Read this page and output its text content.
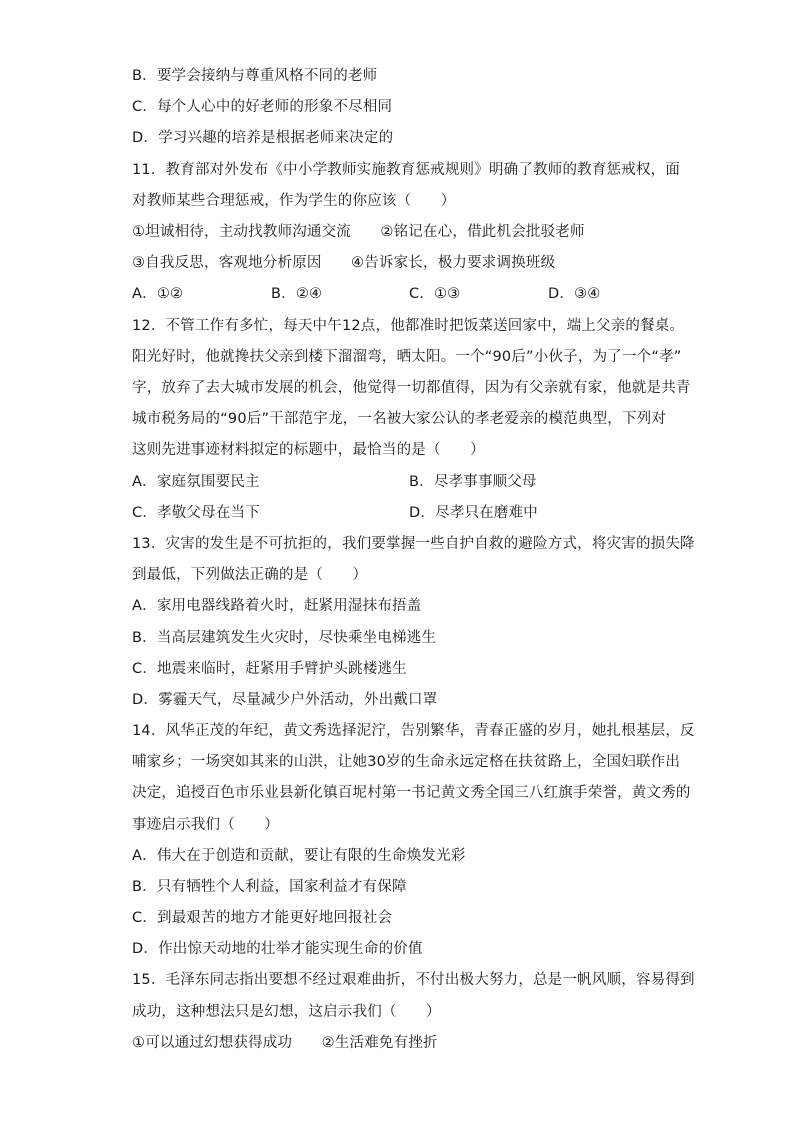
B．要学会接纳与尊重风格不同的老师
C．每个人心中的好老师的形象不尽相同
D．学习兴趣的培养是根据老师来决定的
11．教育部对外发布《中小学教师实施教育惩戒规则》明确了教师的教育惩戒权，面
对教师某些合理惩戒，作为学生的你应该（　　）
①坦诚相待，主动找教师沟通交流　　②铭记在心，借此机会批驳老师
③自我反思，客观地分析原因　　④告诉家长，极力要求调换班级
A．①②	B．②④	C．①③	D．③④
12．不管工作有多忙，每天中午12点，他都准时把饭菜送回家中，端上父亲的餐桌。
阳光好时，他就搀扶父亲到楼下溜溜弯，晒太阳。一个“90后”小伙子，为了一个“孝”
字，放弃了去大城市发展的机会，他觉得一切都值得，因为有父亲就有家，他就是共青
城市税务局的“90后”干部范宇龙，一名被大家公认的孝老爱亲的模范典型，下列对
这则先进事迹材料拟定的标题中，最恰当的是（　　）
A．家庭氛围要民主	B．尽孝事事顺父母
C．孝敬父母在当下	D．尽孝只在磨难中
13．灾害的发生是不可抗拒的，我们要掌握一些自护自救的避险方式，将灾害的损失降
到最低，下列做法正确的是（　　）
A．家用电器线路着火时，赶紧用湿抹布捂盖
B．当高层建筑发生火灾时，尽快乘坐电梯逃生
C．地震来临时，赶紧用手臂护头跳楼逃生
D．雾霾天气，尽量减少户外活动，外出戴口罩
14．风华正茂的年纪，黄文秀选择泥泞，告别繁华，青春正盛的岁月，她扎根基层，反
哺家乡；一场突如其来的山洪，让她30岁的生命永远定格在扶贫路上，全国妇联作出
决定，追授百色市乐业县新化镇百坭村第一书记黄文秀全国三八红旗手荣誉，黄文秀的
事迹启示我们（　　）
A．伟大在于创造和贡献，要让有限的生命焕发光彩
B．只有牺牲个人利益，国家利益才有保障
C．到最艰苦的地方才能更好地回报社会
D．作出惊天动地的壮举才能实现生命的价值
15．毛泽东同志指出要想不经过艰难曲折，不付出极大努力，总是一帆风顺，容易得到
成功，这种想法只是幻想，这启示我们（　　）
①可以通过幻想获得成功　　②生活难免有挫折
